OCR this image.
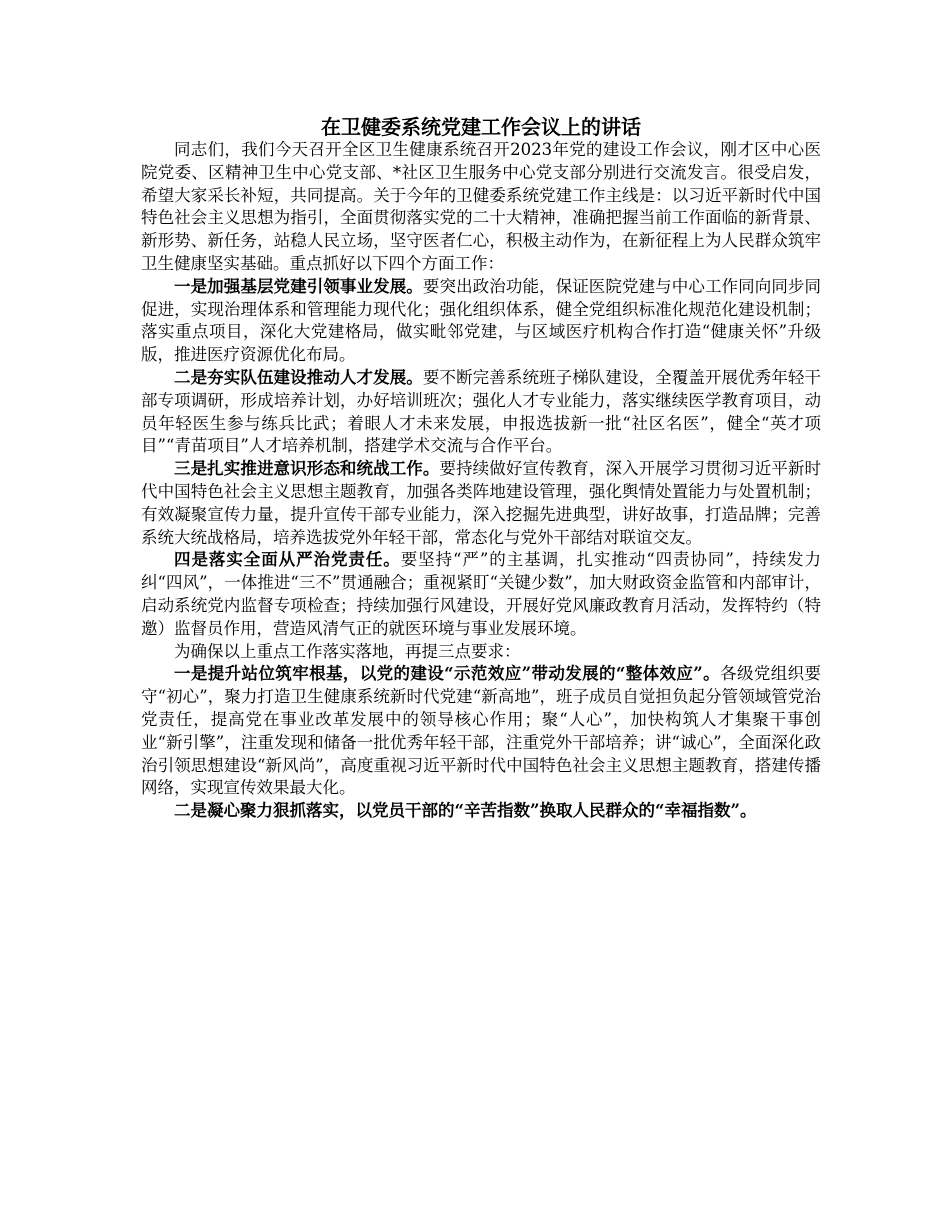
在卫健委系统党建工作会议上的讲话

同志们，我们今天召开全区卫生健康系统召开2023年党的建设工作会议，刚才区中心医院党委、区精神卫生中心党支部、*社区卫生服务中心党支部分别进行交流发言。很受启发，希望大家采长补短，共同提高。关于今年的卫健委系统党建工作主线是：以习近平新时代中国特色社会主义思想为指引，全面贯彻落实党的二十大精神，准确把握当前工作面临的新背景、新形势、新任务，站稳人民立场，坚守医者仁心，积极主动作为，在新征程上为人民群众筑牢卫生健康坚实基础。重点抓好以下四个方面工作：

一是加强基层党建引领事业发展。要突出政治功能，保证医院党建与中心工作同向同步同促进，实现治理体系和管理能力现代化；强化组织体系，健全党组织标准化规范化建设机制；落实重点项目，深化大党建格局，做实毗邻党建，与区域医疗机构合作打造“健康关怀”升级版，推进医疗资源优化布局。

二是夯实队伍建设推动人才发展。要不断完善系统班子梯队建设，全覆盖开展优秀年轻干部专项调研，形成培养计划，办好培训班次；强化人才专业能力，落实继续医学教育项目，动员年轻医生参与练兵比武；着眼人才未来发展，申报选拔新一批“社区名医”，健全“英才项目”“青苗项目”人才培养机制，搭建学术交流与合作平台。

三是扎实推进意识形态和统战工作。要持续做好宣传教育，深入开展学习贯彻习近平新时代中国特色社会主义思想主题教育，加强各类阵地建设管理，强化舆情处置能力与处置机制；有效凝聚宣传力量，提升宣传干部专业能力，深入挖掘先进典型，讲好故事，打造品牌；完善系统大统战格局，培养选拔党外年轻干部，常态化与党外干部结对联谊交友。

四是落实全面从严治党责任。要坚持“严”的主基调，扎实推动“四责协同”，持续发力纠“四风”，一体推进“三不”贯通融合；重视紧盯“关键少数”，加大财政资金监管和内部审计，启动系统党内监督专项检查；持续加强行风建设，开展好党风廉政教育月活动，发挥特约（特邀）监督员作用，营造风清气正的就医环境与事业发展环境。

为确保以上重点工作落实落地，再提三点要求：

一是提升站位筑牢根基，以党的建设“示范效应”带动发展的“整体效应”。各级党组织要守“初心”，聚力打造卫生健康系统新时代党建“新高地”，班子成员自觉担负起分管领域管党治党责任，提高党在事业改革发展中的领导核心作用；聚“人心”，加快构筑人才集聚干事创业“新引擎”，注重发现和储备一批优秀年轻干部，注重党外干部培养；讲“诚心”，全面深化政治引领思想建设“新风尚”，高度重视习近平新时代中国特色社会主义思想主题教育，搭建传播网络，实现宣传效果最大化。

二是凝心聚力狠抓落实，以党员干部的“辛苦指数”换取人民群众的“幸福指数”。
